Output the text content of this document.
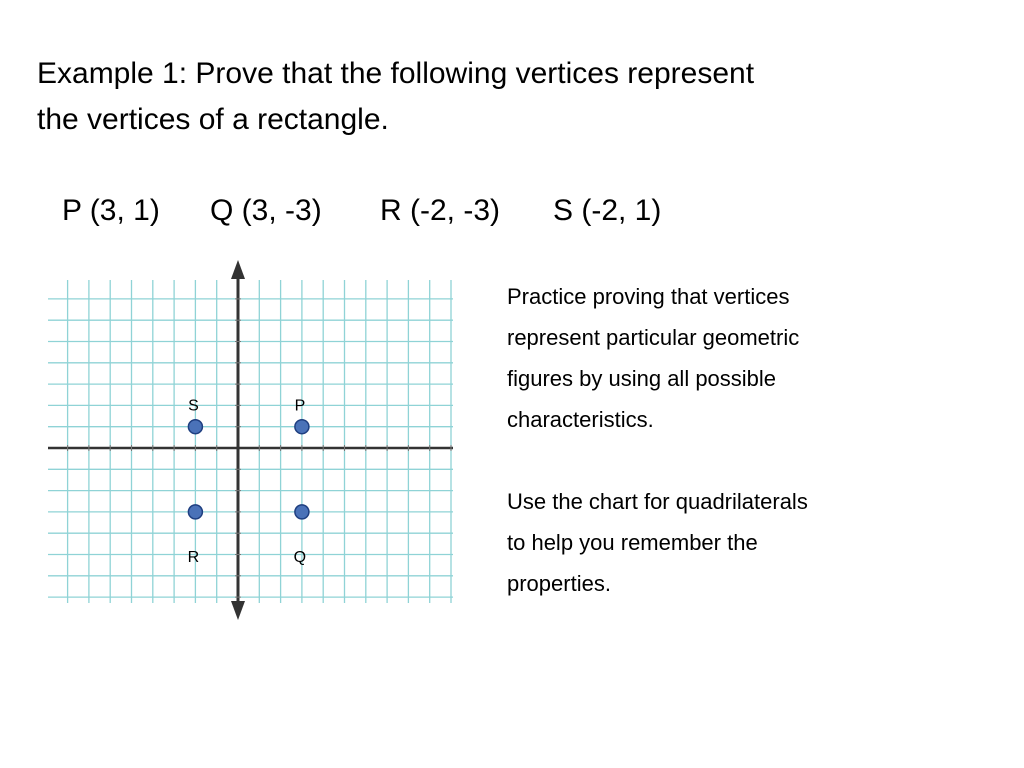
Example 1: Prove that the following vertices represent
the vertices of a rectangle.
P (3, 1) Q (3, -3) R (-2, -3) S (-2, 1)
Practice proving that vertices
represent particular geometric
figures by using all possible
characteristics.
Use the chart for quadrilaterals
to help you remember the
properties.
S	P
R	Q
